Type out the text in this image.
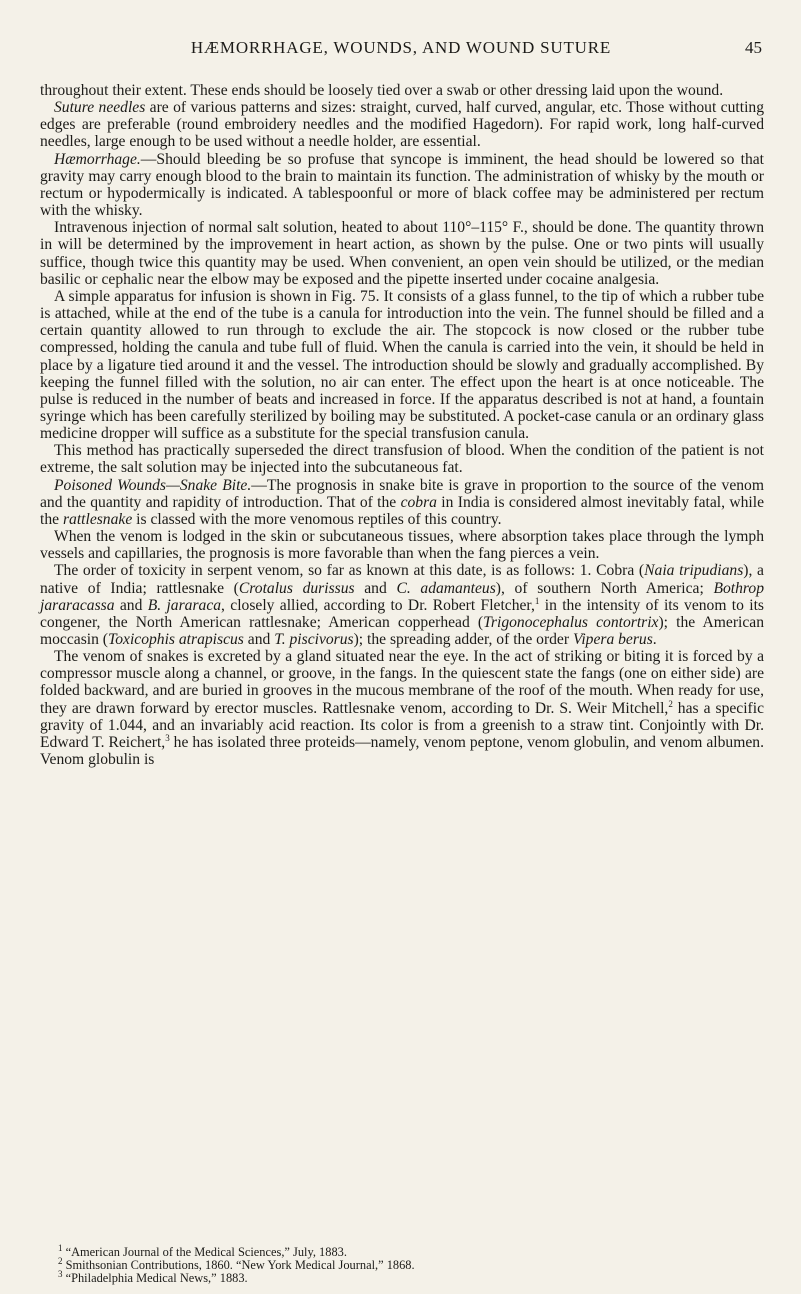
HÆMORRHAGE, WOUNDS, AND WOUND SUTURE	45

throughout their extent. These ends should be loosely tied over a swab or other dressing laid upon the wound.

Suture needles are of various patterns and sizes: straight, curved, half curved, angular, etc. Those without cutting edges are preferable (round embroidery needles and the modified Hagedorn). For rapid work, long half-curved needles, large enough to be used without a needle holder, are essential.

Hæmorrhage.—Should bleeding be so profuse that syncope is imminent, the head should be lowered so that gravity may carry enough blood to the brain to maintain its function. The administration of whisky by the mouth or rectum or hypodermically is indicated. A tablespoonful or more of black coffee may be administered per rectum with the whisky.

Intravenous injection of normal salt solution, heated to about 110°–115° F., should be done. The quantity thrown in will be determined by the improvement in heart action, as shown by the pulse. One or two pints will usually suffice, though twice this quantity may be used. When convenient, an open vein should be utilized, or the median basilic or cephalic near the elbow may be exposed and the pipette inserted under cocaine analgesia.

A simple apparatus for infusion is shown in Fig. 75. It consists of a glass funnel, to the tip of which a rubber tube is attached, while at the end of the tube is a canula for introduction into the vein. The funnel should be filled and a certain quantity allowed to run through to exclude the air. The stopcock is now closed or the rubber tube compressed, holding the canula and tube full of fluid. When the canula is carried into the vein, it should be held in place by a ligature tied around it and the vessel. The introduction should be slowly and gradually accomplished. By keeping the funnel filled with the solution, no air can enter. The effect upon the heart is at once noticeable. The pulse is reduced in the number of beats and increased in force. If the apparatus described is not at hand, a fountain syringe which has been carefully sterilized by boiling may be substituted. A pocket-case canula or an ordinary glass medicine dropper will suffice as a substitute for the special transfusion canula.

This method has practically superseded the direct transfusion of blood. When the condition of the patient is not extreme, the salt solution may be injected into the subcutaneous fat.

Poisoned Wounds—Snake Bite.—The prognosis in snake bite is grave in proportion to the source of the venom and the quantity and rapidity of introduction. That of the cobra in India is considered almost inevitably fatal, while the rattlesnake is classed with the more venomous reptiles of this country.

When the venom is lodged in the skin or subcutaneous tissues, where absorption takes place through the lymph vessels and capillaries, the prognosis is more favorable than when the fang pierces a vein.

The order of toxicity in serpent venom, so far as known at this date, is as follows: 1. Cobra (Naia tripudians), a native of India; rattlesnake (Crotalus durissus and C. adamanteus), of southern North America; Bothrop jararacassa and B. jararaca, closely allied, according to Dr. Robert Fletcher,$^1$ in the intensity of its venom to its congener, the North American rattlesnake; American copperhead (Trigonocephalus contortrix); the American moccasin (Toxicophis atrapiscus and T. piscivorus); the spreading adder, of the order Vipera berus.

The venom of snakes is excreted by a gland situated near the eye. In the act of striking or biting it is forced by a compressor muscle along a channel, or groove, in the fangs. In the quiescent state the fangs (one on either side) are folded backward, and are buried in grooves in the mucous membrane of the roof of the mouth. When ready for use, they are drawn forward by erector muscles. Rattlesnake venom, according to Dr. S. Weir Mitchell,$^2$ has a specific gravity of 1.044, and an invariably acid reaction. Its color is from a greenish to a straw tint. Conjointly with Dr. Edward T. Reichert,$^3$ he has isolated three proteids—namely, venom peptone, venom globulin, and venom albumen. Venom globulin is

$^1$ “American Journal of the Medical Sciences,” July, 1883.
$^2$ Smithsonian Contributions, 1860. “New York Medical Journal,” 1868.
$^3$ “Philadelphia Medical News,” 1883.
